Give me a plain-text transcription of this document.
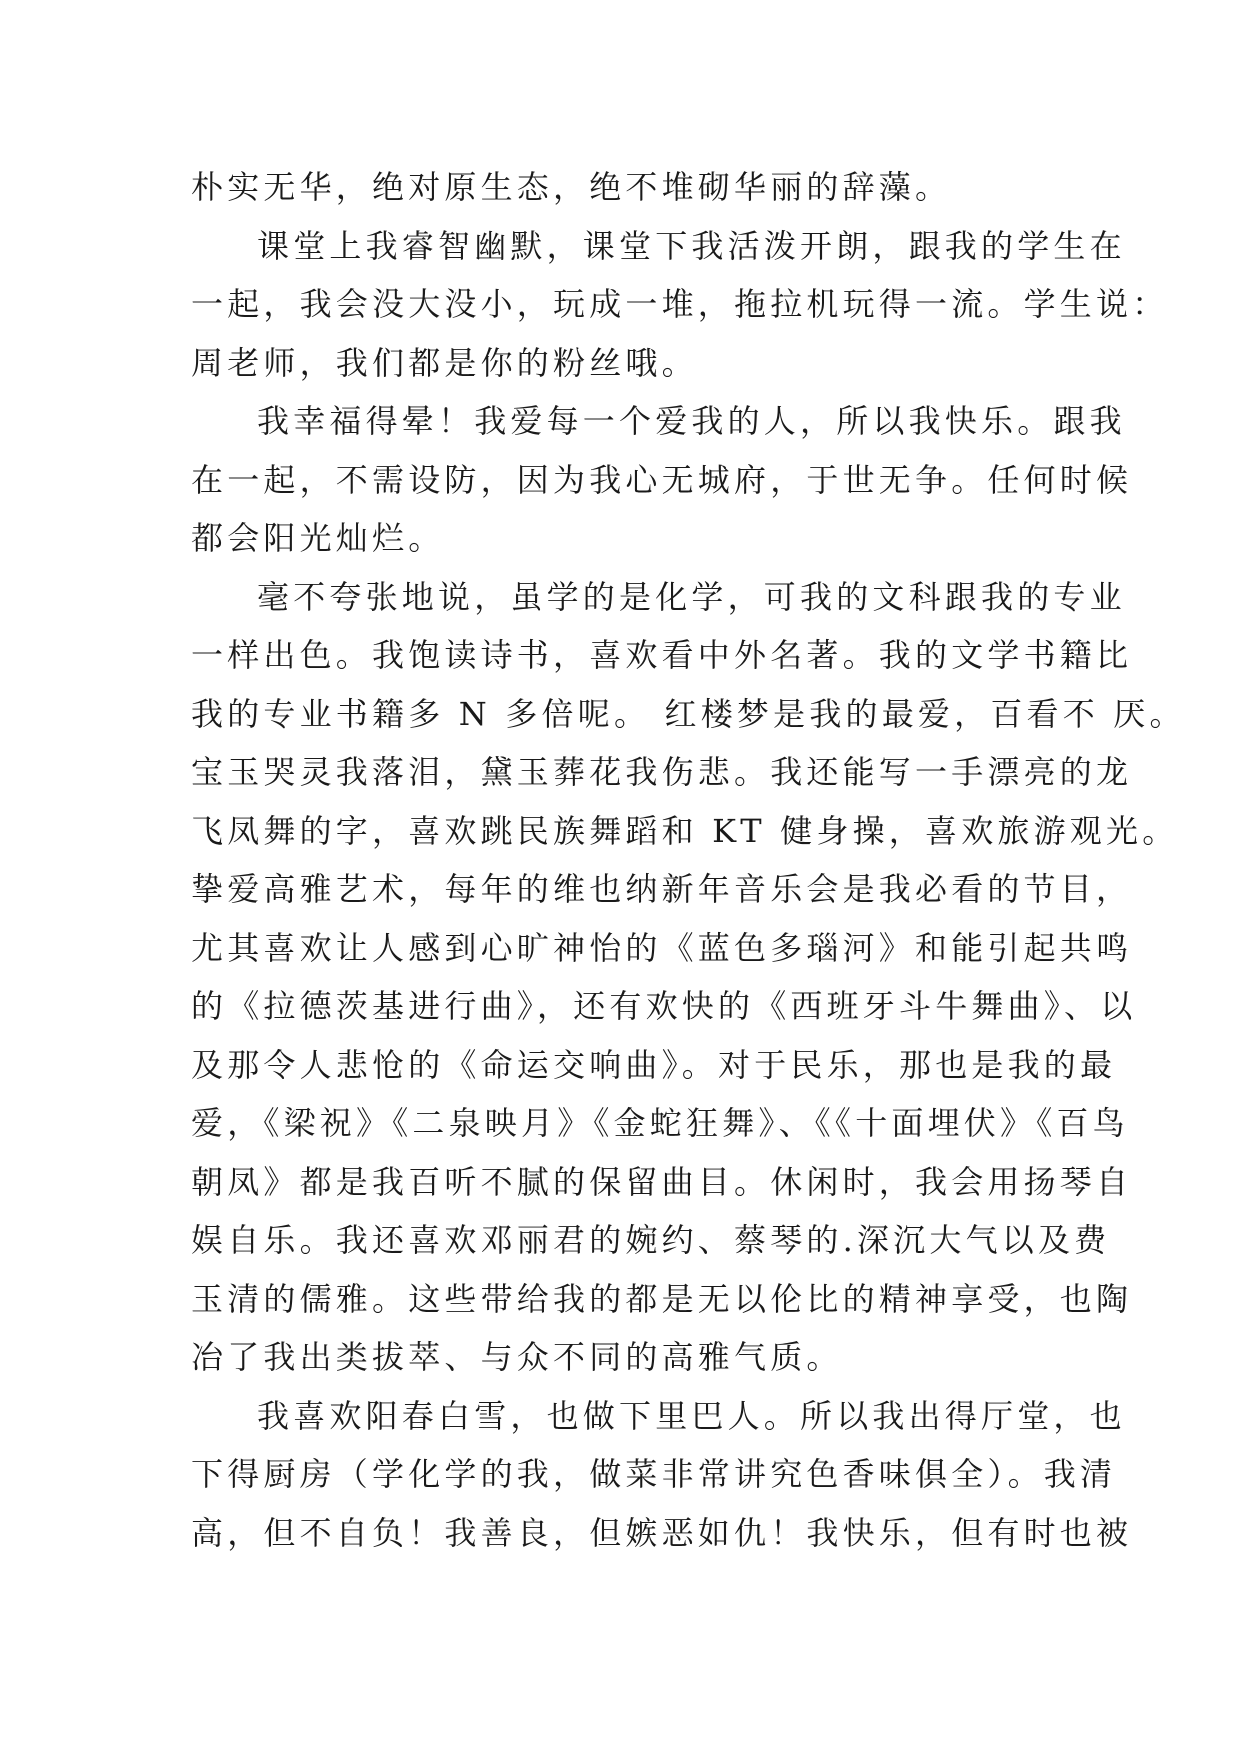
朴实无华，绝对原生态，绝不堆砌华丽的辞藻。
课堂上我睿智幽默，课堂下我活泼开朗，跟我的学生在
一起，我会没大没小，玩成一堆，拖拉机玩得一流。学生说：
周老师，我们都是你的粉丝哦。
我幸福得晕！我爱每一个爱我的人，所以我快乐。跟我
在一起，不需设防，因为我心无城府，于世无争。任何时候
都会阳光灿烂。
毫不夸张地说，虽学的是化学，可我的文科跟我的专业
一样出色。我饱读诗书，喜欢看中外名著。我的文学书籍比
我的专业书籍多 N 多倍呢。 红楼梦是我的最爱，百看不 厌。
宝玉哭灵我落泪，黛玉葬花我伤悲。我还能写一手漂亮的龙
飞凤舞的字，喜欢跳民族舞蹈和 KT 健身操，喜欢旅游观光。
挚爱高雅艺术，每年的维也纳新年音乐会是我必看的节目，
尤其喜欢让人感到心旷神怡的《蓝色多瑙河》和能引起共鸣
的《拉德茨基进行曲》，还有欢快的《西班牙斗牛舞曲》、以
及那令人悲怆的《命运交响曲》。对于民乐，那也是我的最
爱，《梁祝》《二泉映月》《金蛇狂舞》、《《十面埋伏》《百鸟
朝凤》都是我百听不腻的保留曲目。休闲时，我会用扬琴自
娱自乐。我还喜欢邓丽君的婉约、蔡琴的.深沉大气以及费
玉清的儒雅。这些带给我的都是无以伦比的精神享受，也陶
冶了我出类拔萃、与众不同的高雅气质。
我喜欢阳春白雪，也做下里巴人。所以我出得厅堂，也
下得厨房（学化学的我，做菜非常讲究色香味俱全）。我清
高，但不自负！我善良，但嫉恶如仇！我快乐，但有时也被
